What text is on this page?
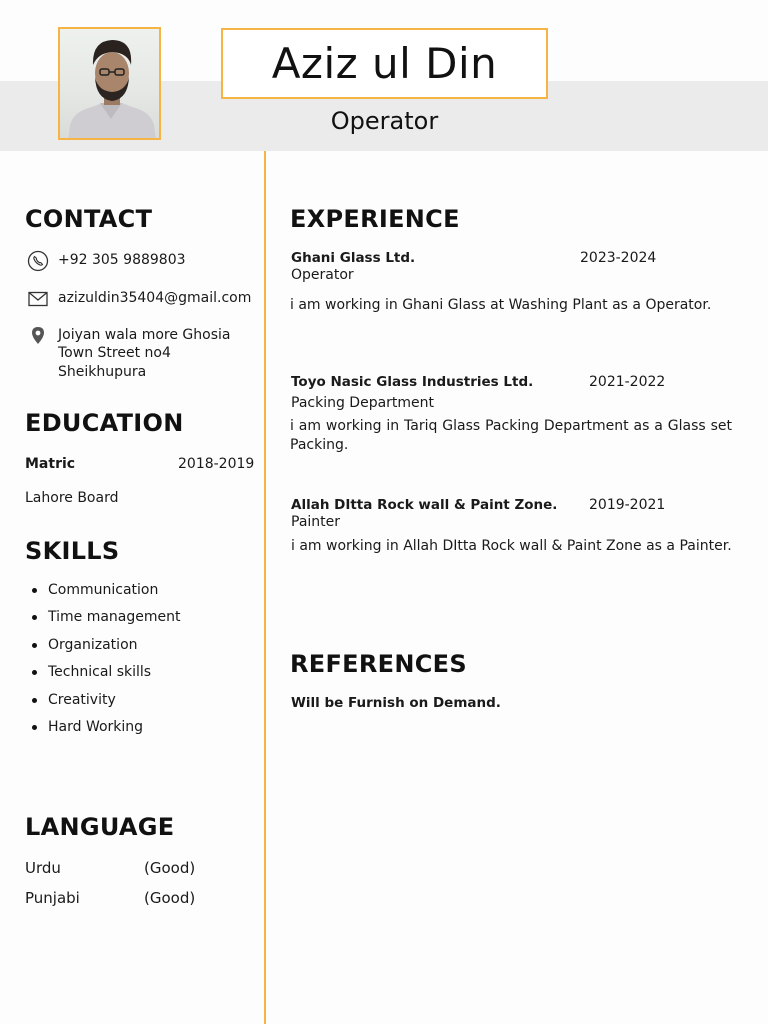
Aziz ul Din
Operator
CONTACT
+92 305 9889803
azizuldin35404@gmail.com
Joiyan wala more Ghosia
Town Street no4
Sheikhupura
EDUCATION
Matric	2018-2019
Lahore Board
SKILLS
Communication
Time management
Organization
Technical skills
Creativity
Hard Working
LANGUAGE
Urdu	(Good)
Punjabi	(Good)
EXPERIENCE
Ghani Glass Ltd.	2023-2024
Operator
i am working in Ghani Glass at Washing Plant as a Operator.
Toyo Nasic Glass Industries Ltd.	2021-2022
Packing Department
i am working in Tariq Glass Packing Department as a Glass set Packing.
Allah DItta Rock wall & Paint Zone. 2019-2021
Painter
i am working in Allah DItta Rock wall & Paint Zone as a Painter.
REFERENCES
Will be Furnish on Demand.
